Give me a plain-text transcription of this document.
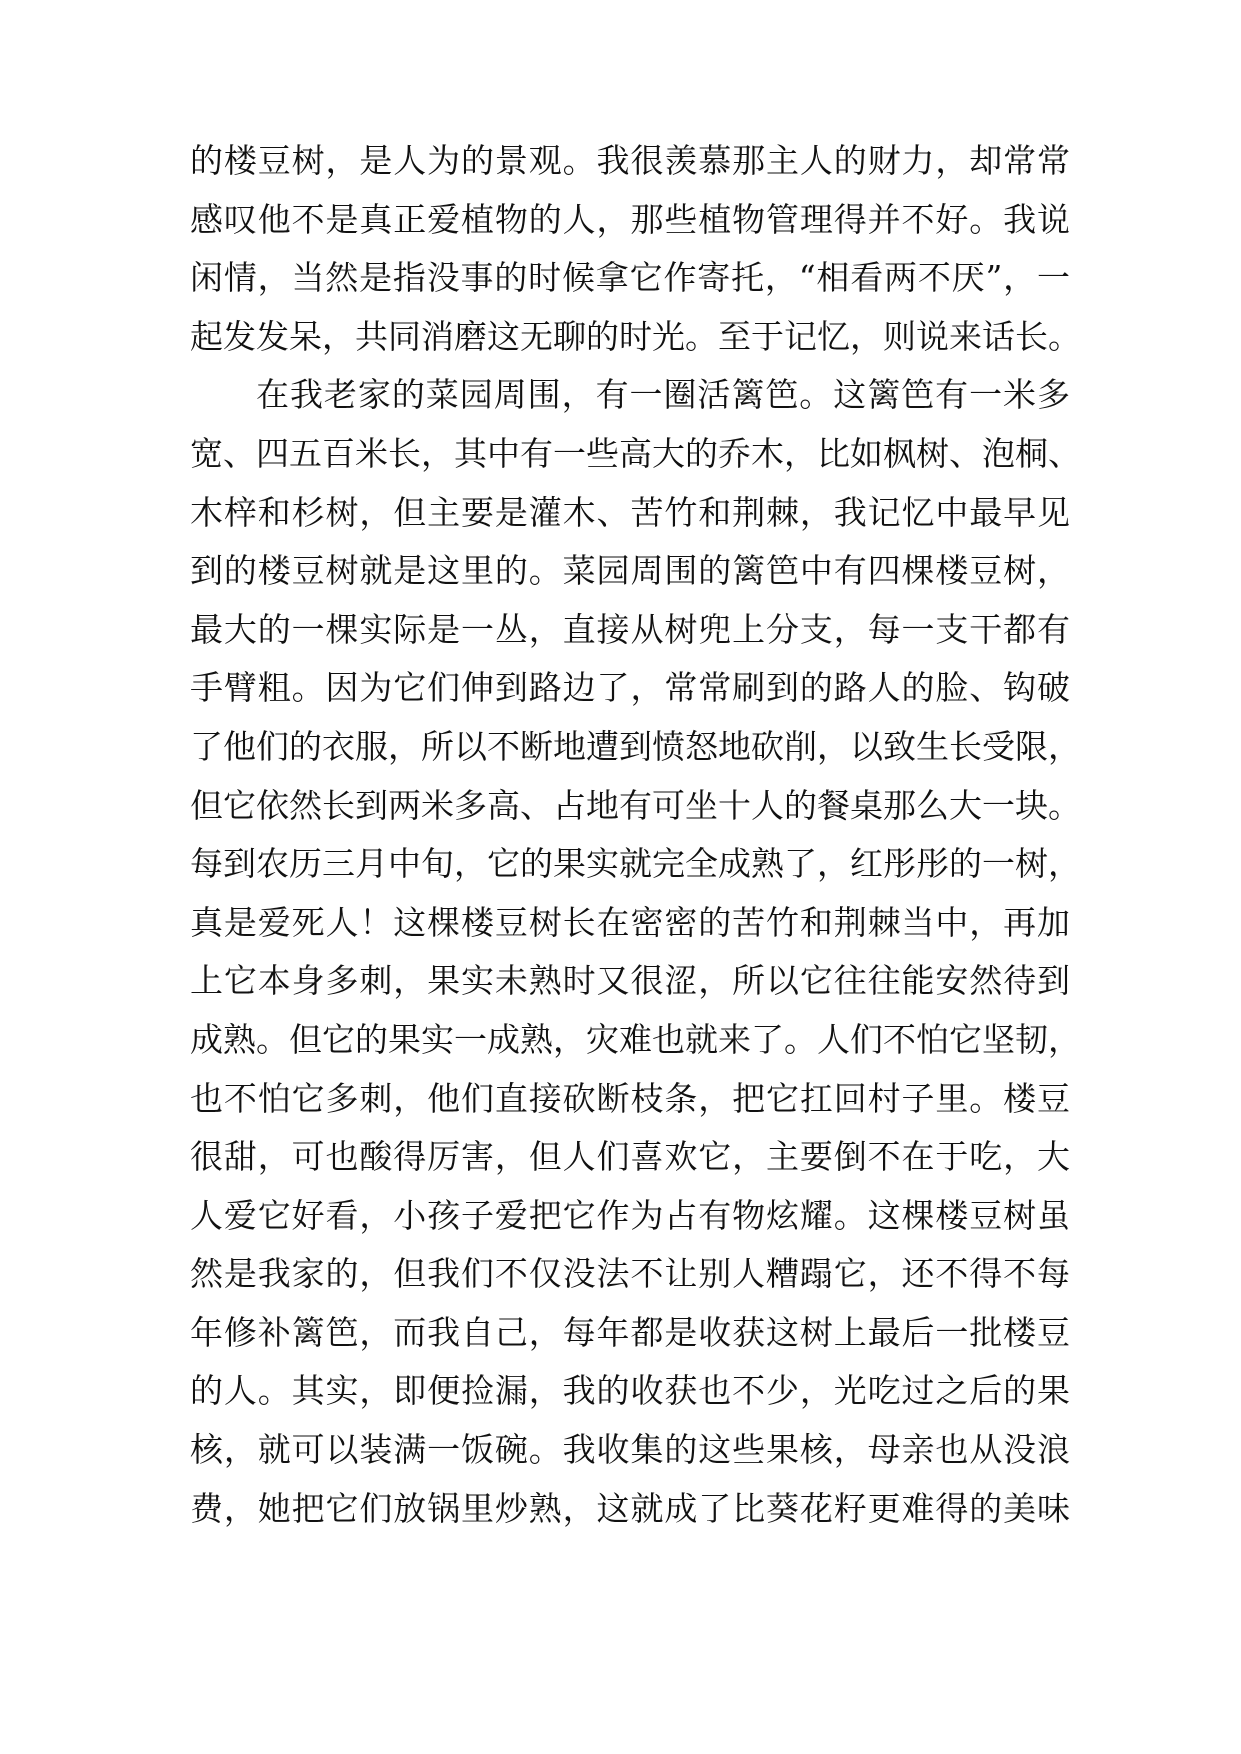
的楼豆树，是人为的景观。我很羡慕那主人的财力，却常常
感叹他不是真正爱植物的人，那些植物管理得并不好。我说
闲情，当然是指没事的时候拿它作寄托，“相看两不厌”，一
起发发呆，共同消磨这无聊的时光。至于记忆，则说来话长。
在我老家的菜园周围，有一圈活篱笆。这篱笆有一米多
宽、四五百米长，其中有一些高大的乔木，比如枫树、泡桐、
木梓和杉树，但主要是灌木、苦竹和荆棘，我记忆中最早见
到的楼豆树就是这里的。菜园周围的篱笆中有四棵楼豆树，
最大的一棵实际是一丛，直接从树兜上分支，每一支干都有
手臂粗。因为它们伸到路边了，常常刷到的路人的脸、钩破
了他们的衣服，所以不断地遭到愤怒地砍削，以致生长受限，
但它依然长到两米多高、占地有可坐十人的餐桌那么大一块。
每到农历三月中旬，它的果实就完全成熟了，红彤彤的一树，
真是爱死人！这棵楼豆树长在密密的苦竹和荆棘当中，再加
上它本身多刺，果实未熟时又很涩，所以它往往能安然待到
成熟。但它的果实一成熟，灾难也就来了。人们不怕它坚韧，
也不怕它多刺，他们直接砍断枝条，把它扛回村子里。楼豆
很甜，可也酸得厉害，但人们喜欢它，主要倒不在于吃，大
人爱它好看，小孩子爱把它作为占有物炫耀。这棵楼豆树虽
然是我家的，但我们不仅没法不让别人糟蹋它，还不得不每
年修补篱笆，而我自己，每年都是收获这树上最后一批楼豆
的人。其实，即便捡漏，我的收获也不少，光吃过之后的果
核，就可以装满一饭碗。我收集的这些果核，母亲也从没浪
费，她把它们放锅里炒熟，这就成了比葵花籽更难得的美味
